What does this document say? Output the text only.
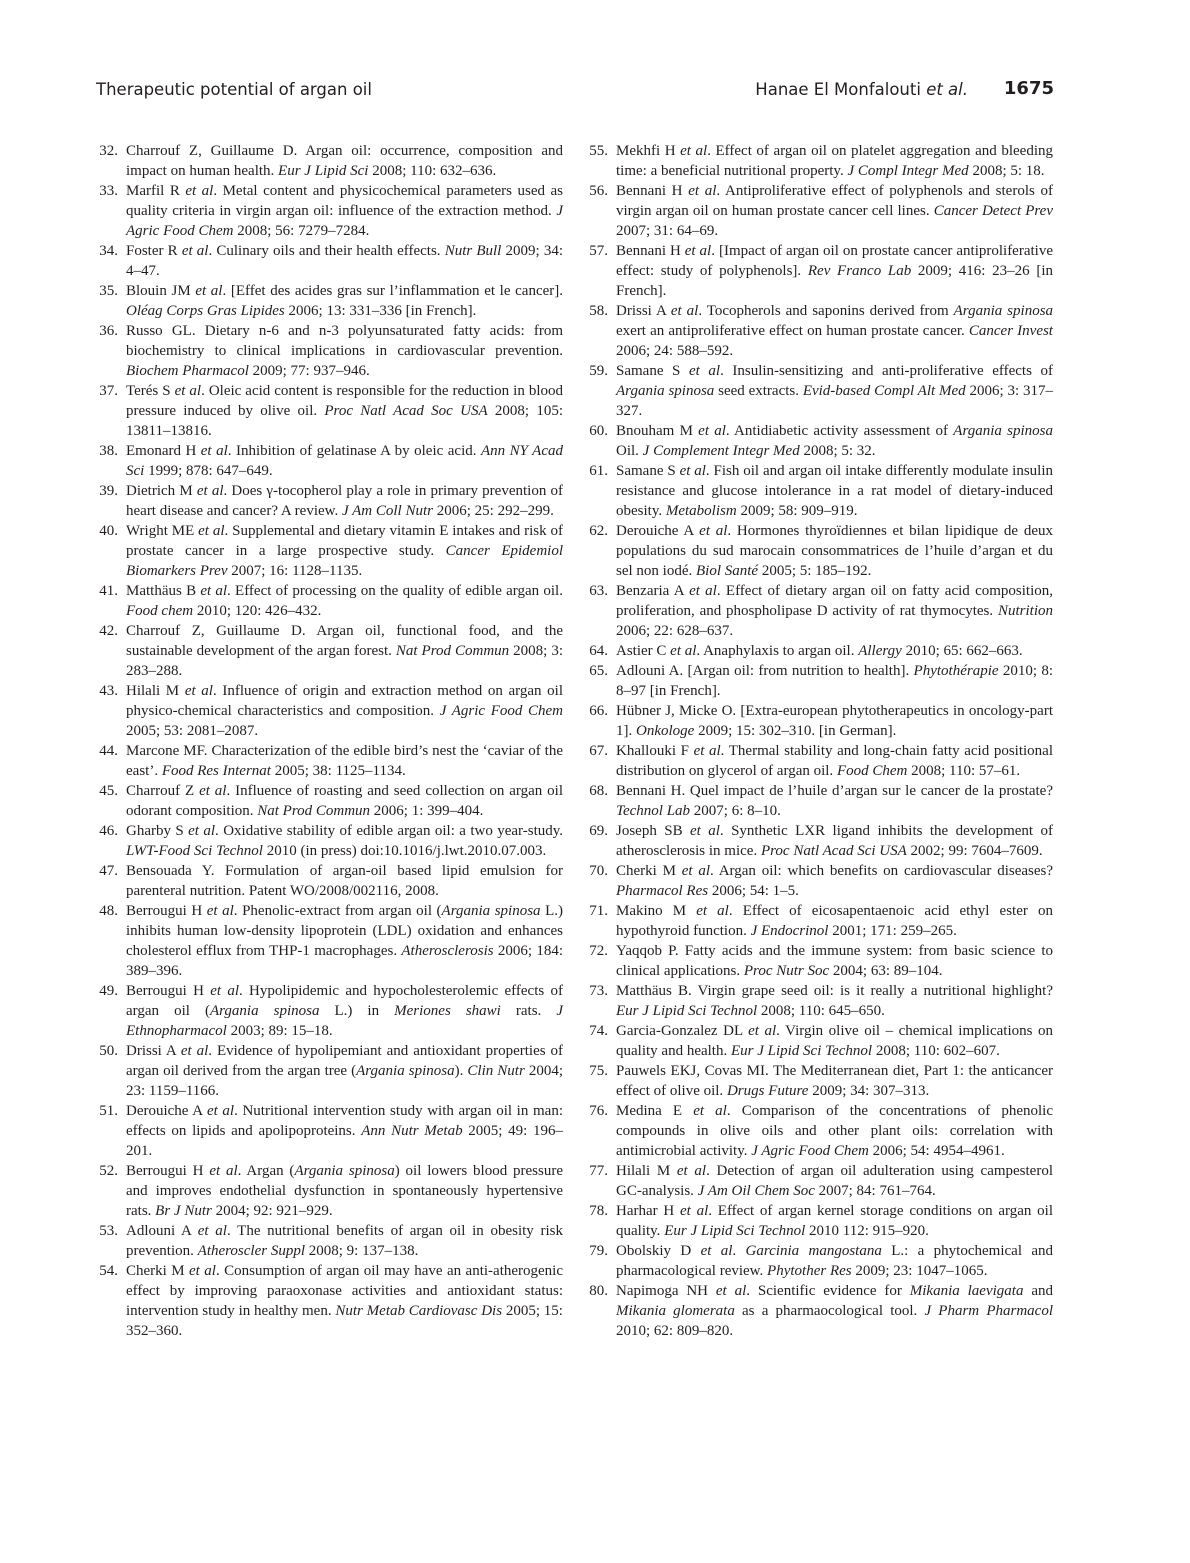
Therapeutic potential of argan oil	Hanae El Monfalouti et al. 1675
32. Charrouf Z, Guillaume D. Argan oil: occurrence, composition and impact on human health. Eur J Lipid Sci 2008; 110: 632–636.
33. Marfil R et al. Metal content and physicochemical parameters used as quality criteria in virgin argan oil: influence of the extraction method. J Agric Food Chem 2008; 56: 7279–7284.
34. Foster R et al. Culinary oils and their health effects. Nutr Bull 2009; 34: 4–47.
35. Blouin JM et al. [Effet des acides gras sur l’inflammation et le cancer]. Oléag Corps Gras Lipides 2006; 13: 331–336 [in French].
36. Russo GL. Dietary n-6 and n-3 polyunsaturated fatty acids: from biochemistry to clinical implications in cardiovascular prevention. Biochem Pharmacol 2009; 77: 937–946.
37. Terés S et al. Oleic acid content is responsible for the reduction in blood pressure induced by olive oil. Proc Natl Acad Soc USA 2008; 105: 13811–13816.
38. Emonard H et al. Inhibition of gelatinase A by oleic acid. Ann NY Acad Sci 1999; 878: 647–649.
39. Dietrich M et al. Does γ-tocopherol play a role in primary prevention of heart disease and cancer? A review. J Am Coll Nutr 2006; 25: 292–299.
40. Wright ME et al. Supplemental and dietary vitamin E intakes and risk of prostate cancer in a large prospective study. Cancer Epidemiol Biomarkers Prev 2007; 16: 1128–1135.
41. Matthäus B et al. Effect of processing on the quality of edible argan oil. Food chem 2010; 120: 426–432.
42. Charrouf Z, Guillaume D. Argan oil, functional food, and the sustainable development of the argan forest. Nat Prod Commun 2008; 3: 283–288.
43. Hilali M et al. Influence of origin and extraction method on argan oil physico-chemical characteristics and composition. J Agric Food Chem 2005; 53: 2081–2087.
44. Marcone MF. Characterization of the edible bird’s nest the ‘caviar of the east’. Food Res Internat 2005; 38: 1125–1134.
45. Charrouf Z et al. Influence of roasting and seed collection on argan oil odorant composition. Nat Prod Commun 2006; 1: 399–404.
46. Gharby S et al. Oxidative stability of edible argan oil: a two year-study. LWT-Food Sci Technol 2010 (in press) doi:10.1016/j.lwt.2010.07.003.
47. Bensouada Y. Formulation of argan-oil based lipid emulsion for parenteral nutrition. Patent WO/2008/002116, 2008.
48. Berrougui H et al. Phenolic-extract from argan oil (Argania spinosa L.) inhibits human low-density lipoprotein (LDL) oxidation and enhances cholesterol efflux from THP-1 macrophages. Atherosclerosis 2006; 184: 389–396.
49. Berrougui H et al. Hypolipidemic and hypocholesterolemic effects of argan oil (Argania spinosa L.) in Meriones shawi rats. J Ethnopharmacol 2003; 89: 15–18.
50. Drissi A et al. Evidence of hypolipemiant and antioxidant properties of argan oil derived from the argan tree (Argania spinosa). Clin Nutr 2004; 23: 1159–1166.
51. Derouiche A et al. Nutritional intervention study with argan oil in man: effects on lipids and apolipoproteins. Ann Nutr Metab 2005; 49: 196–201.
52. Berrougui H et al. Argan (Argania spinosa) oil lowers blood pressure and improves endothelial dysfunction in spontaneously hypertensive rats. Br J Nutr 2004; 92: 921–929.
53. Adlouni A et al. The nutritional benefits of argan oil in obesity risk prevention. Atheroscler Suppl 2008; 9: 137–138.
54. Cherki M et al. Consumption of argan oil may have an anti-atherogenic effect by improving paraoxonase activities and antioxidant status: intervention study in healthy men. Nutr Metab Cardiovasc Dis 2005; 15: 352–360.
55. Mekhfi H et al. Effect of argan oil on platelet aggregation and bleeding time: a beneficial nutritional property. J Compl Integr Med 2008; 5: 18.
56. Bennani H et al. Antiproliferative effect of polyphenols and sterols of virgin argan oil on human prostate cancer cell lines. Cancer Detect Prev 2007; 31: 64–69.
57. Bennani H et al. [Impact of argan oil on prostate cancer antiproliferative effect: study of polyphenols]. Rev Franco Lab 2009; 416: 23–26 [in French].
58. Drissi A et al. Tocopherols and saponins derived from Argania spinosa exert an antiproliferative effect on human prostate cancer. Cancer Invest 2006; 24: 588–592.
59. Samane S et al. Insulin-sensitizing and anti-proliferative effects of Argania spinosa seed extracts. Evid-based Compl Alt Med 2006; 3: 317–327.
60. Bnouham M et al. Antidiabetic activity assessment of Argania spinosa Oil. J Complement Integr Med 2008; 5: 32.
61. Samane S et al. Fish oil and argan oil intake differently modulate insulin resistance and glucose intolerance in a rat model of dietary-induced obesity. Metabolism 2009; 58: 909–919.
62. Derouiche A et al. Hormones thyroïdiennes et bilan lipidique de deux populations du sud marocain consommatrices de l’huile d’argan et du sel non iodé. Biol Santé 2005; 5: 185–192.
63. Benzaria A et al. Effect of dietary argan oil on fatty acid composition, proliferation, and phospholipase D activity of rat thymocytes. Nutrition 2006; 22: 628–637.
64. Astier C et al. Anaphylaxis to argan oil. Allergy 2010; 65: 662–663.
65. Adlouni A. [Argan oil: from nutrition to health]. Phytothérapie 2010; 8: 8–97 [in French].
66. Hübner J, Micke O. [Extra-european phytotherapeutics in oncology-part 1]. Onkologe 2009; 15: 302–310. [in German].
67. Khallouki F et al. Thermal stability and long-chain fatty acid positional distribution on glycerol of argan oil. Food Chem 2008; 110: 57–61.
68. Bennani H. Quel impact de l’huile d’argan sur le cancer de la prostate? Technol Lab 2007; 6: 8–10.
69. Joseph SB et al. Synthetic LXR ligand inhibits the development of atherosclerosis in mice. Proc Natl Acad Sci USA 2002; 99: 7604–7609.
70. Cherki M et al. Argan oil: which benefits on cardiovascular diseases? Pharmacol Res 2006; 54: 1–5.
71. Makino M et al. Effect of eicosapentaenoic acid ethyl ester on hypothyroid function. J Endocrinol 2001; 171: 259–265.
72. Yaqqob P. Fatty acids and the immune system: from basic science to clinical applications. Proc Nutr Soc 2004; 63: 89–104.
73. Matthäus B. Virgin grape seed oil: is it really a nutritional highlight? Eur J Lipid Sci Technol 2008; 110: 645–650.
74. Garcia-Gonzalez DL et al. Virgin olive oil – chemical implications on quality and health. Eur J Lipid Sci Technol 2008; 110: 602–607.
75. Pauwels EKJ, Covas MI. The Mediterranean diet, Part 1: the anticancer effect of olive oil. Drugs Future 2009; 34: 307–313.
76. Medina E et al. Comparison of the concentrations of phenolic compounds in olive oils and other plant oils: correlation with antimicrobial activity. J Agric Food Chem 2006; 54: 4954–4961.
77. Hilali M et al. Detection of argan oil adulteration using campesterol GC-analysis. J Am Oil Chem Soc 2007; 84: 761–764.
78. Harhar H et al. Effect of argan kernel storage conditions on argan oil quality. Eur J Lipid Sci Technol 2010 112: 915–920.
79. Obolskiy D et al. Garcinia mangostana L.: a phytochemical and pharmacological review. Phytother Res 2009; 23: 1047–1065.
80. Napimoga NH et al. Scientific evidence for Mikania laevigata and Mikania glomerata as a pharmaocological tool. J Pharm Pharmacol 2010; 62: 809–820.
